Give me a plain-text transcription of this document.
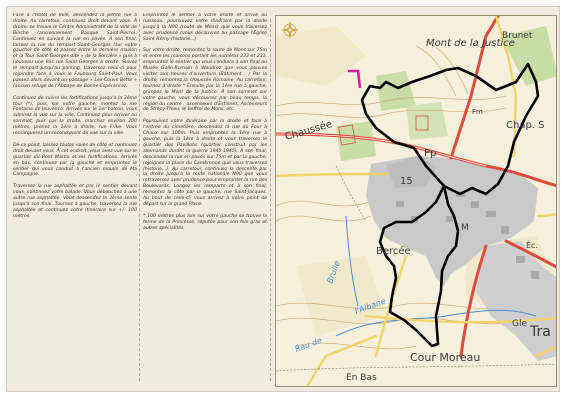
Face à l'Hôtel de Ville, descendez la petite rue à droite. Au carrefour, continuez droit devant vous. À droite, se trouve le Centre Administratif de la ville de Binche (anciennement Banque Saint-Pierre). Continuez en suivant la rue en pavés. À son final, laissez la rue du rempart Saint-Georges (sur votre gauche) de côté et passez entre la dernière maison et la Tour Saint-Georges dite « de la Sorcière » puis à nouveau une fois rue Saint-Georges à droite. Suivez le rempart jusqu'au parking, traversez celui-ci pour rejoindre face à vous le Faubourg Saint-Paul. Vous passez alors devant un passage « Les Couvs Bette » (ancien refuge de l'Abbaye de Bonne-Espérance).

Continuez de suivre les fortifications jusqu'à la 3ème tour (*), puis, sur votre gauche, montez la rue Fontaine de Jouvence. Arrivés sur le 1er balcon, vous admirez la vue sur la ville. Continuez pour arriver au sommet, puis par la droite, marchez environ 200 mètres, prenez la 1ère à droite, rue Frike. Vous remarquerez un second point de vue sur la ville.

De ce point, laissez toutes voies de côté et continuez droit devant vous. À cet endroit, vous avez vue sur le quartier du Pont Martin et les fortifications. Arrivés en bas, continuez par la gauche et empruntez le sentier qui vous conduit à l'ancien moulin de Ma Campagne.

Traversez la rue asphaltée et par le sentier devant vous, continuez votre balade. Vous débouchez à une autre rue asphaltée. Vous descendez la 3ème sente jusqu'à son final. Tournez à gauche, traversez la rue asphaltée et continuez votre itinéraire sur +/- 100 mètres.

Empruntez le sentier à votre droite et arrivé au ruisseau, poursuivez votre itinéraire par la droite jusqu'à la N90 (route de Mons) que vous traversez avec prudence (vous découvrez au passage l'Église Saint-Rémy (historie...)

Sur votre droite, remontez la route de Mons sur 75m et entre les maisons portant les numéros 233 et 231, empruntez le sentier qui vous conduira à son final au Musée Gallo-Romain à Waudrez que vous pouvez visiter aux heures d'ouverture (Bâtiment : ) Par la droite, remontez la chaussée Romaine. Au carrefour, tournez à droite * Ensuite par la 1ère rue à gauche, grimpez le Mont de la Justice. À son sommet sur votre gauche, vous découvrez par beau temps, la région du centre : ascenseurs d'Estinnes, Ascenseurs de Strepy-Thieu, le beffroi de Mons, etc.

Poursuivez votre itinéraire par la droite et face à l'entrée du cimetière, descendez la rue du Four à Chaux sur 100m. Puis empruntez la 1ère rue à gauche, puis la 1ère à droite et vous traversez le quartier des Pavillons (quartier construit par les allemands durant la guerre 1940-1945). À son final, descendez la rue en pavés sur 75m et par la gauche, rejoignez la place du Cambronne que vous traversez (historie...). Au carrefour, continuez la descente par la droite jusqu'à la route nationale N90 que vous retraversez avec prudence pour emprunter la rue des Boulevards. Longez les remparts et à son final, remontez la côte par la gauche, rue Saint-Jacques. Au bout de celle-ci, vous arrivez à votre point de départ sur la grand Place.

* 100 mètres plus loin sur votre gauche se trouve la ferme de la Princesse, réputée pour son foie gras et autres spécialités.

Mont de la Justice
Brunet
Chaussée	Chap. S
Pp
15
Bercée
M
Éc.
Brulle
l'Albane
Rau de
Cour Moreau
Gle Tra
En Bas
Fm
